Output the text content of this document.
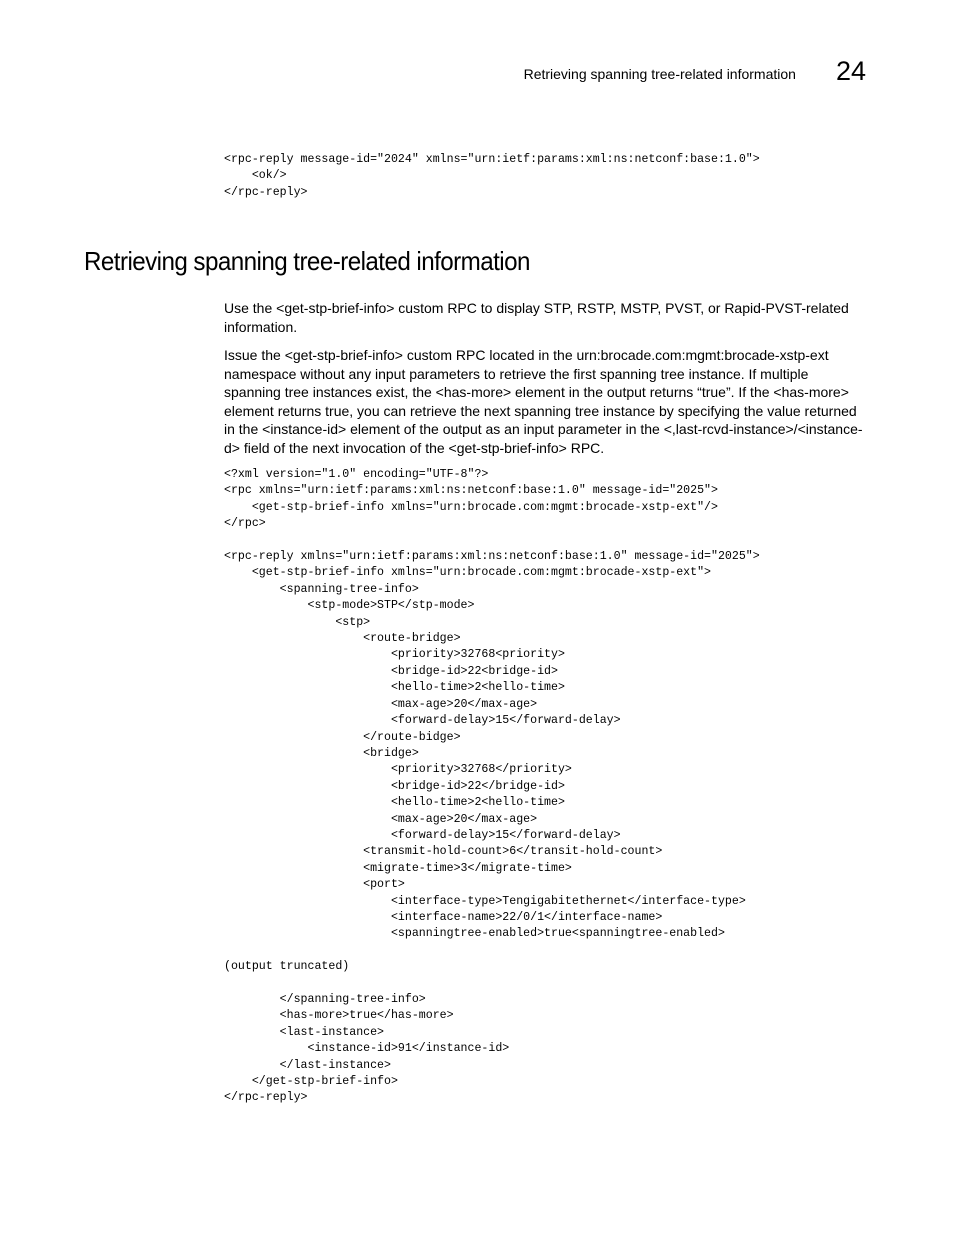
Retrieving spanning tree-related information 24
<rpc-reply message-id="2024" xmlns="urn:ietf:params:xml:ns:netconf:base:1.0">
<ok/>
</rpc-reply>
Retrieving spanning tree-related information

Use the <get-stp-brief-info> custom RPC to display STP, RSTP, MSTP, PVST, or Rapid-PVST-related information.

Issue the <get-stp-brief-info> custom RPC located in the urn:brocade.com:mgmt:brocade-xstp-ext namespace without any input parameters to retrieve the first spanning tree instance. If multiple spanning tree instances exist, the <has-more> element in the output returns “true”. If the <has-more> element returns true, you can retrieve the next spanning tree instance by specifying the value returned in the <instance-id> element of the output as an input parameter in the <,last-rcvd-instance>/<instance-d> field of the next invocation of the <get-stp-brief-info> RPC.

<?xml version="1.0" encoding="UTF-8"?>
<rpc xmlns="urn:ietf:params:xml:ns:netconf:base:1.0" message-id="2025">
<get-stp-brief-info xmlns="urn:brocade.com:mgmt:brocade-xstp-ext"/>
</rpc>

<rpc-reply xmlns="urn:ietf:params:xml:ns:netconf:base:1.0" message-id="2025">
<get-stp-brief-info xmlns="urn:brocade.com:mgmt:brocade-xstp-ext">
<spanning-tree-info>
<stp-mode>STP</stp-mode>
<stp>
<route-bridge>
<priority>32768<priority>
<bridge-id>22<bridge-id>
<hello-time>2<hello-time>
<max-age>20</max-age>
<forward-delay>15</forward-delay>
</route-bidge>
<bridge>
<priority>32768</priority>
<bridge-id>22</bridge-id>
<hello-time>2<hello-time>
<max-age>20</max-age>
<forward-delay>15</forward-delay>
<transmit-hold-count>6</transit-hold-count>
<migrate-time>3</migrate-time>
<port>
<interface-type>Tengigabitethernet</interface-type>
<interface-name>22/0/1</interface-name>
<spanningtree-enabled>true<spanningtree-enabled>

(output truncated)

</spanning-tree-info>
<has-more>true</has-more>
<last-instance>
<instance-id>91</instance-id>
</last-instance>
</get-stp-brief-info>
</rpc-reply>
